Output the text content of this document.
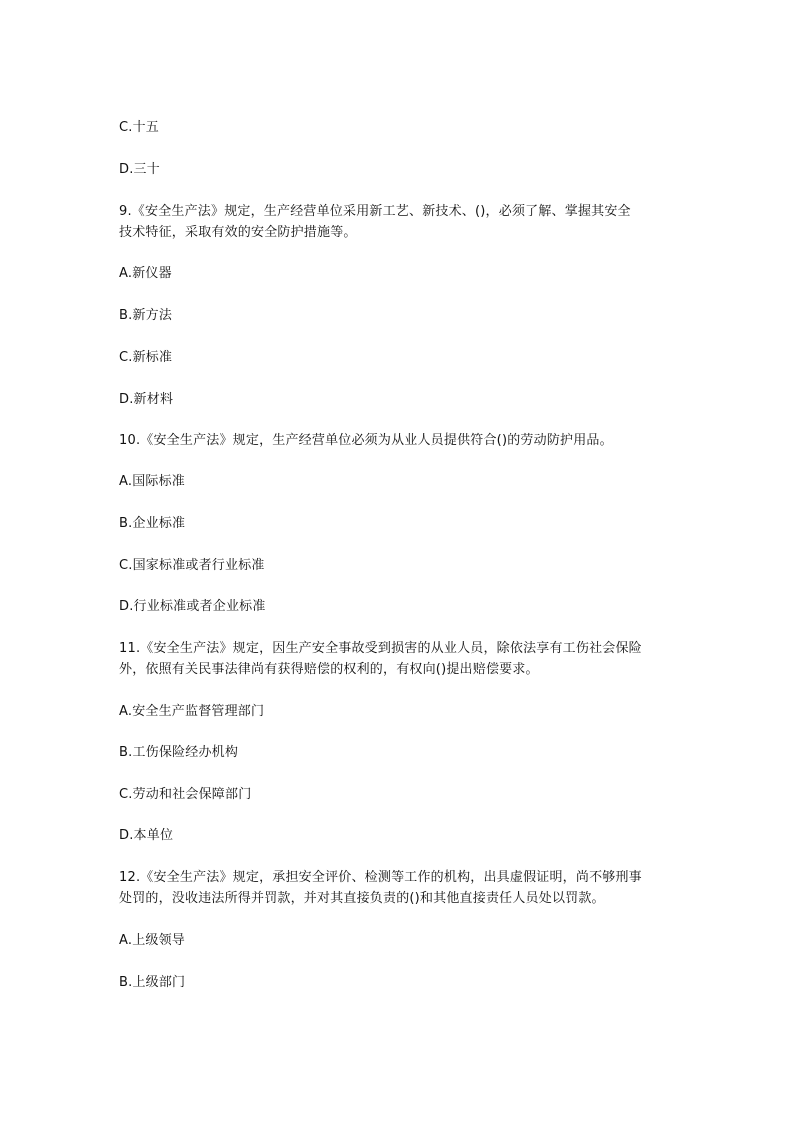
C.十五
D.三十
9.《安全生产法》规定，生产经营单位采用新工艺、新技术、()，必须了解、掌握其安全
技术特征，采取有效的安全防护措施等。
A.新仪器
B.新方法
C.新标准
D.新材料
10.《安全生产法》规定，生产经营单位必须为从业人员提供符合()的劳动防护用品。
A.国际标准
B.企业标准
C.国家标准或者行业标准
D.行业标准或者企业标准
11.《安全生产法》规定，因生产安全事故受到损害的从业人员，除依法享有工伤社会保险
外，依照有关民事法律尚有获得赔偿的权利的，有权向()提出赔偿要求。
A.安全生产监督管理部门
B.工伤保险经办机构
C.劳动和社会保障部门
D.本单位
12.《安全生产法》规定，承担安全评价、检测等工作的机构，出具虚假证明，尚不够刑事
处罚的，没收违法所得并罚款，并对其直接负责的()和其他直接责任人员处以罚款。
A.上级领导
B.上级部门
